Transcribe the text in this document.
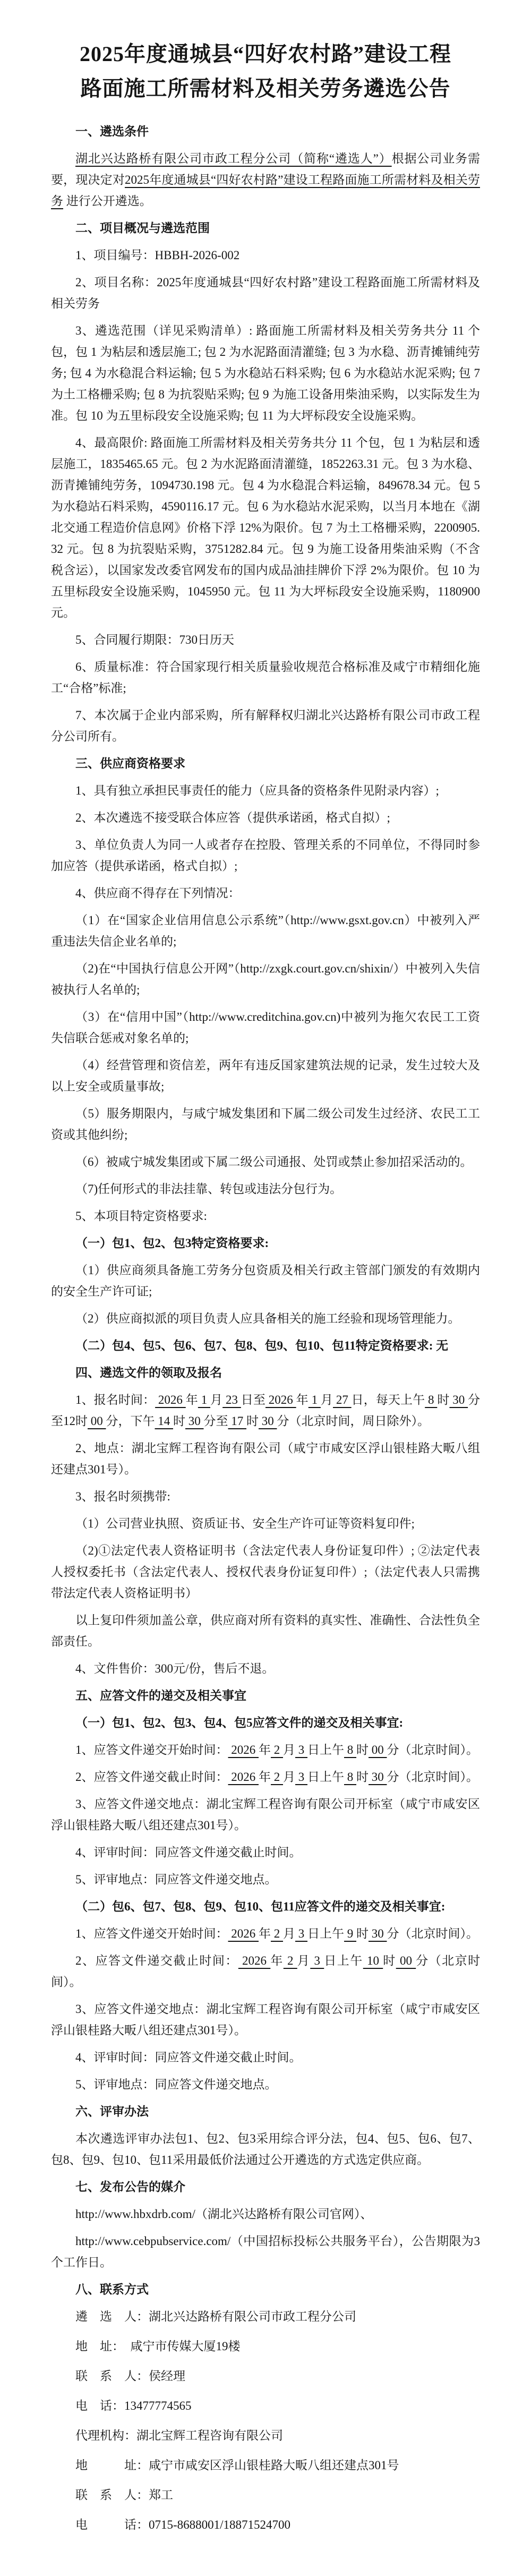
2025年度通城县“四好农村路”建设工程
路面施工所需材料及相关劳务遴选公告

一、遴选条件

湖北兴达路桥有限公司市政工程分公司（简称“遴选人”）根据公司业务需要，现决定对2025年度通城县“四好农村路”建设工程路面施工所需材料及相关劳务 进行公开遴选。

二、项目概况与遴选范围

1、项目编号：HBBH-2026-002

2、项目名称：2025年度通城县“四好农村路”建设工程路面施工所需材料及相关劳务

3、遴选范围（详见采购清单）: 路面施工所需材料及相关劳务共分 11 个包，包 1 为粘层和透层施工; 包 2 为水泥路面清灌缝; 包 3 为水稳、沥青摊铺纯劳务; 包 4 为水稳混合料运输; 包 5 为水稳站石料采购; 包 6 为水稳站水泥采购; 包 7 为土工格栅采购; 包 8 为抗裂贴采购; 包 9 为施工设备用柴油采购，以实际发生为准。包 10 为五里标段安全设施采购; 包 11 为大坪标段安全设施采购。

4、最高限价: 路面施工所需材料及相关劳务共分 11 个包，包 1 为粘层和透层施工，1835465.65 元。包 2 为水泥路面清灌缝，1852263.31 元。包 3 为水稳、沥青摊铺纯劳务，1094730.198 元。包 4 为水稳混合料运输，849678.34 元。包 5 为水稳站石料采购，4590116.17 元。包 6 为水稳站水泥采购，以当月本地在《湖北交通工程造价信息网》价格下浮 12%为限价。包 7 为土工格栅采购，2200905.32 元。包 8 为抗裂贴采购，3751282.84 元。包 9 为施工设备用柴油采购（不含税含运），以国家发改委官网发布的国内成品油挂牌价下浮 2%为限价。包 10 为五里标段安全设施采购，1045950 元。包 11 为大坪标段安全设施采购，1180900 元。

5、合同履行期限：730日历天

6、质量标准：符合国家现行相关质量验收规范合格标准及咸宁市精细化施工“合格”标准;

7、本次属于企业内部采购，所有解释权归湖北兴达路桥有限公司市政工程分公司所有。

三、供应商资格要求

1、具有独立承担民事责任的能力（应具备的资格条件见附录内容）;

2、本次遴选不接受联合体应答（提供承诺函，格式自拟）;

3、单位负责人为同一人或者存在控股、管理关系的不同单位，不得同时参加应答（提供承诺函，格式自拟）;

4、供应商不得存在下列情况：

（1）在“国家企业信用信息公示系统”（http://www.gsxt.gov.cn）中被列入严重违法失信企业名单的;

（2)在“中国执行信息公开网”（http://zxgk.court.gov.cn/shixin/）中被列入失信被执行人名单的;

（3）在“信用中国”（http://www.creditchina.gov.cn)中被列为拖欠农民工工资失信联合惩戒对象名单的;

（4）经营管理和资信差，两年有违反国家建筑法规的记录，发生过较大及以上安全或质量事故;

（5）服务期限内，与咸宁城发集团和下属二级公司发生过经济、农民工工资或其他纠纷;

（6）被咸宁城发集团或下属二级公司通报、处罚或禁止参加招采活动的。

（7)任何形式的非法挂靠、转包或违法分包行为。

5、本项目特定资格要求:

（一）包1、包2、包3特定资格要求:

（1）供应商须具备施工劳务分包资质及相关行政主管部门颁发的有效期内的安全生产许可证;

（2）供应商拟派的项目负责人应具备相关的施工经验和现场管理能力。

（二）包4、包5、包6、包7、包8、包9、包10、包11特定资格要求: 无

四、遴选文件的领取及报名

1、报名时间： 2026 年 1 月 23 日至 2026 年 1 月 27 日，每天上午 8 时 30 分至12时 00 分，下午 14 时 30 分至 17 时 30 分（北京时间，周日除外）。

2、地点：湖北宝辉工程咨询有限公司（咸宁市咸安区浮山银桂路大畈八组还建点301号）。

3、报名时须携带:

（1）公司营业执照、资质证书、安全生产许可证等资料复印件;

（2)①法定代表人资格证明书（含法定代表人身份证复印件）; ②法定代表人授权委托书（含法定代表人、授权代表身份证复印件）;（法定代表人只需携带法定代表人资格证明书）

以上复印件须加盖公章，供应商对所有资料的真实性、准确性、合法性负全部责任。

4、文件售价：300元/份，售后不退。

五、应答文件的递交及相关事宜

（一）包1、包2、包3、包4、包5应答文件的递交及相关事宜:

1、应答文件递交开始时间： 2026 年 2 月 3 日上午 8 时 00 分（北京时间）。

2、应答文件递交截止时间： 2026 年 2 月 3 日上午 8 时 30 分（北京时间）。

3、应答文件递交地点：湖北宝辉工程咨询有限公司开标室（咸宁市咸安区浮山银桂路大畈八组还建点301号）。

4、评审时间：同应答文件递交截止时间。

5、评审地点：同应答文件递交地点。

（二）包6、包7、包8、包9、包10、包11应答文件的递交及相关事宜:

1、应答文件递交开始时间： 2026 年 2 月 3 日上午 9 时 30 分（北京时间）。

2、应答文件递交截止时间： 2026 年 2 月 3 日上午 10 时 00 分（北京时间）。

3、应答文件递交地点：湖北宝辉工程咨询有限公司开标室（咸宁市咸安区浮山银桂路大畈八组还建点301号）。

4、评审时间：同应答文件递交截止时间。

5、评审地点：同应答文件递交地点。

六、评审办法

本次遴选评审办法包1、包2、包3采用综合评分法，包4、包5、包6、包7、包8、包9、包10、包11采用最低价法通过公开遴选的方式选定供应商。

七、发布公告的媒介

http://www.hbxdrb.com/（湖北兴达路桥有限公司官网）、

http://www.cebpubservice.com/（中国招标投标公共服务平台），公告期限为3个工作日。

八、联系方式

遴　选　人：湖北兴达路桥有限公司市政工程分公司

地　址：　咸宁市传媒大厦19楼

联　系　人：侯经理

电　话：13477774565

代理机构：湖北宝辉工程咨询有限公司

地　　　址：咸宁市咸安区浮山银桂路大畈八组还建点301号

联　系　人：郑工

电　　　话：0715-8688001/18871524700
